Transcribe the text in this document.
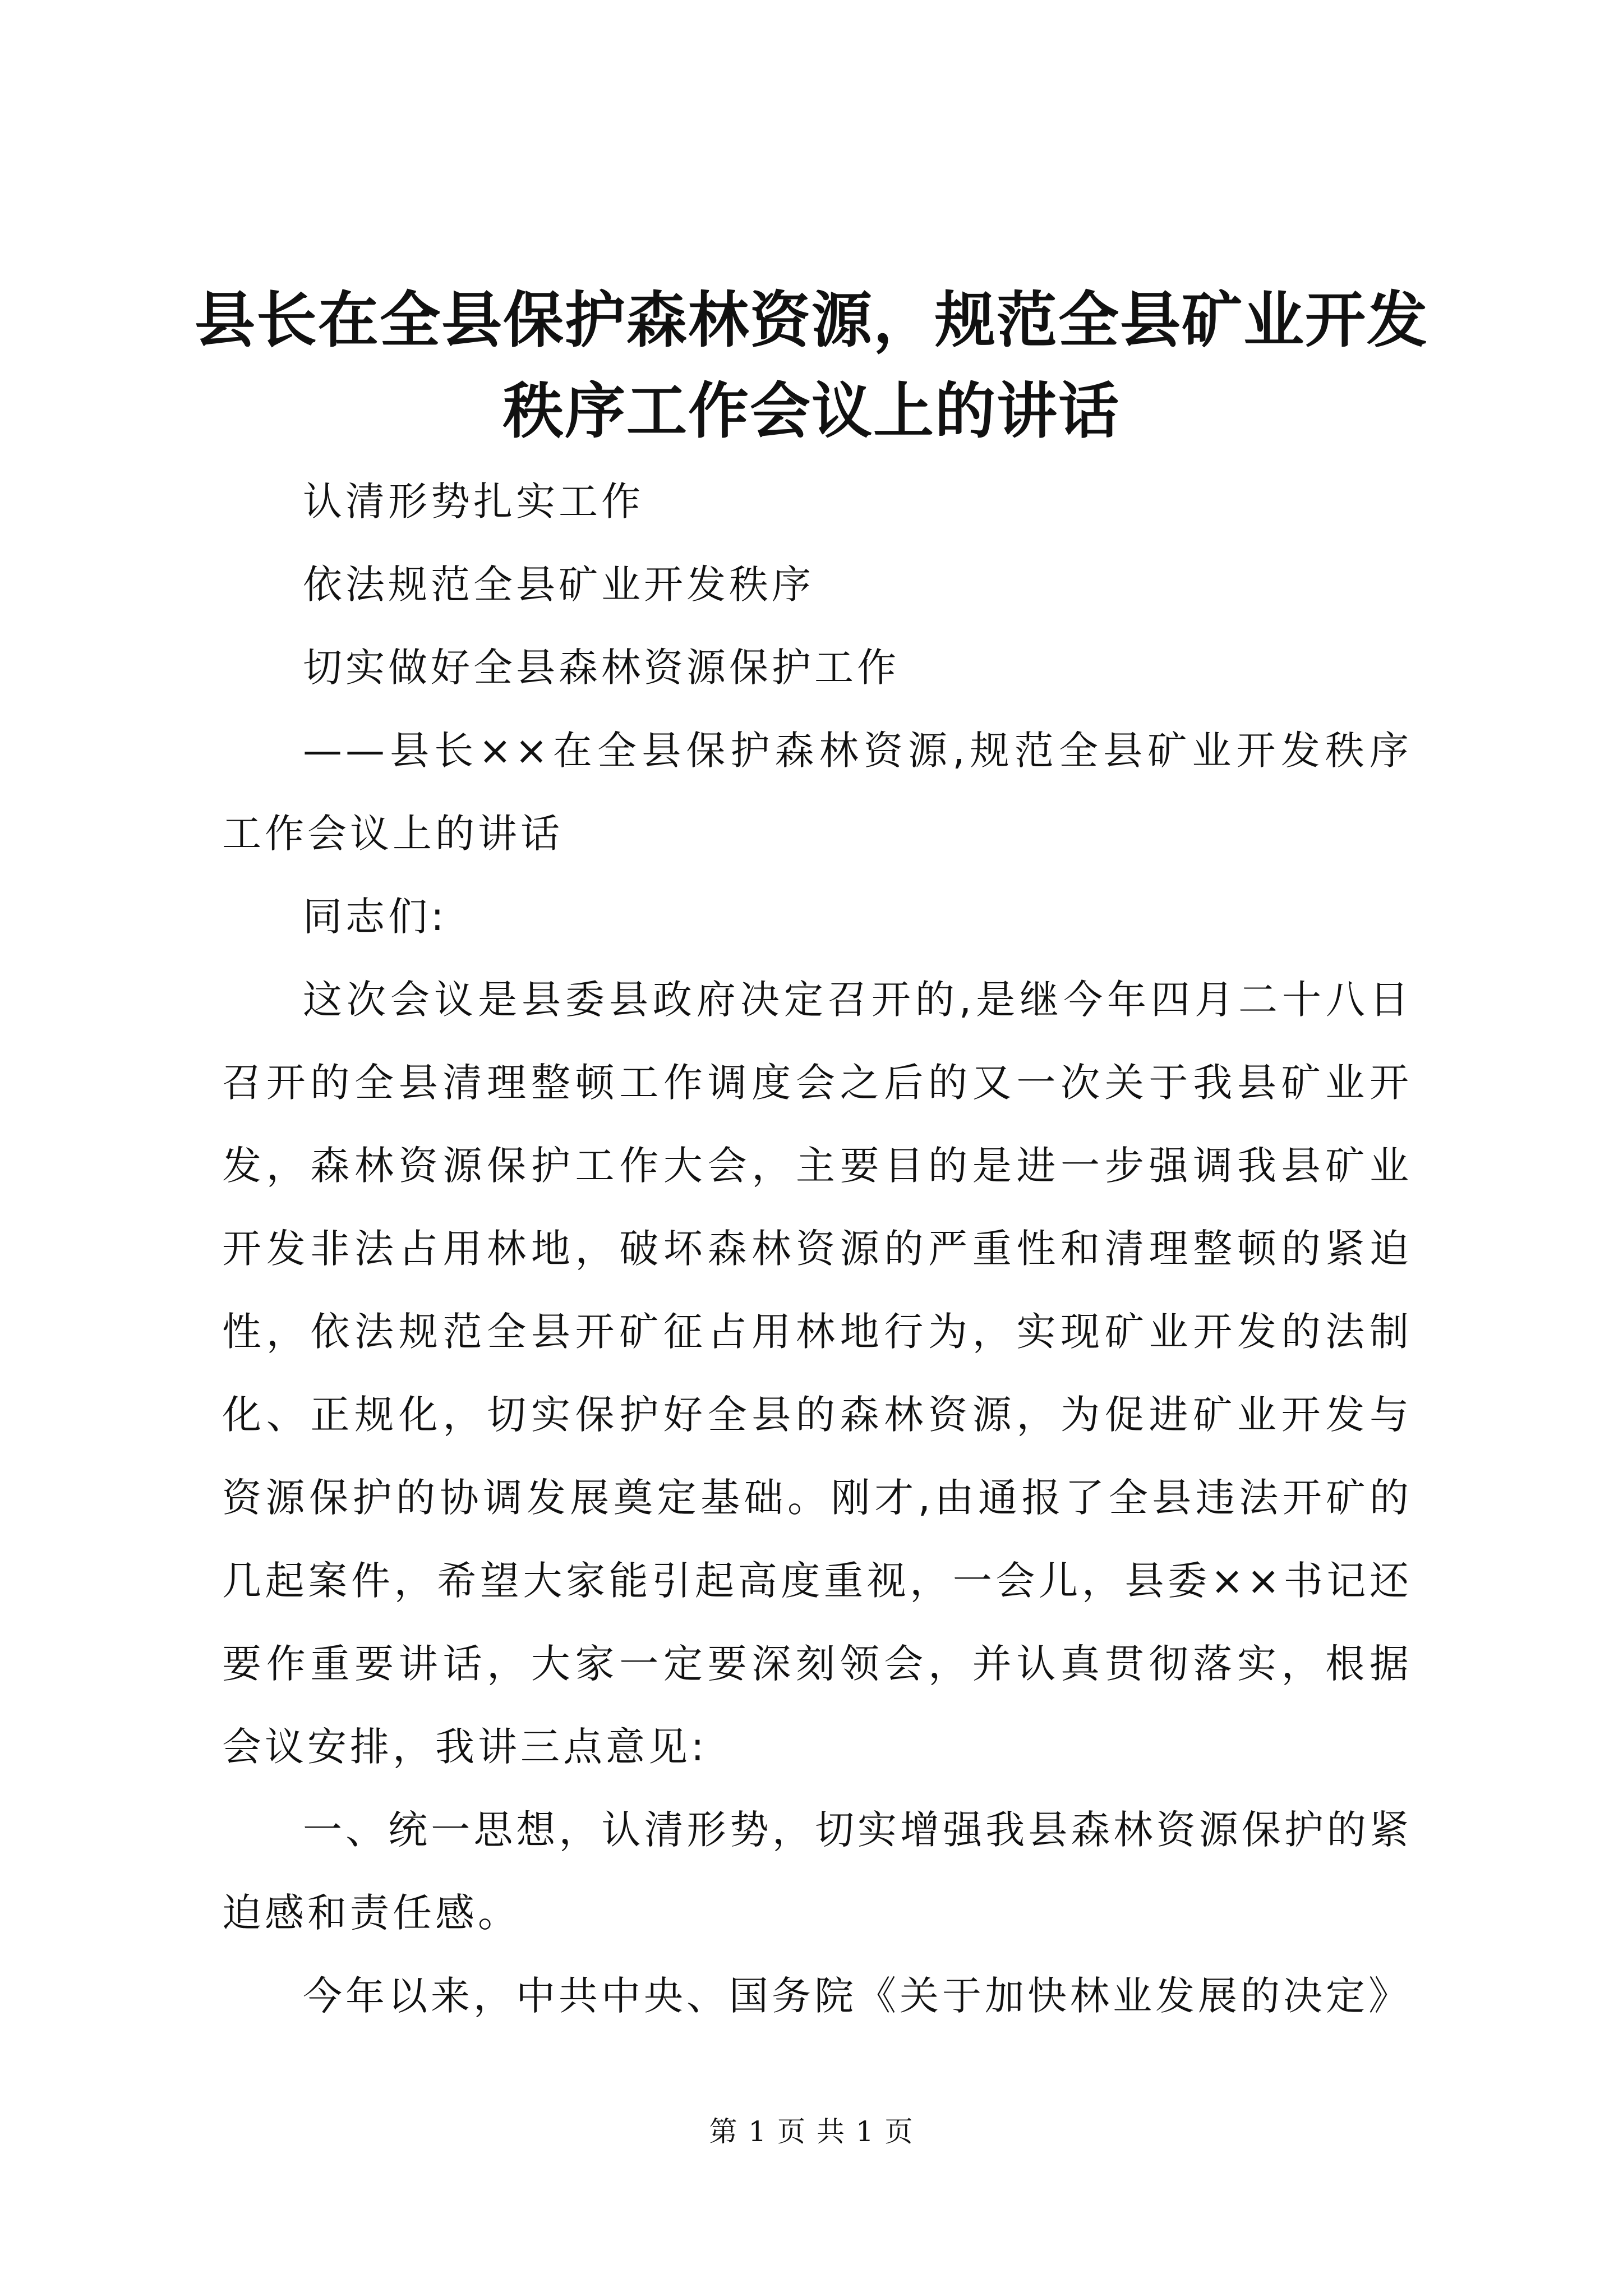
县长在全县保护森林资源，规范全县矿业开发
秩序工作会议上的讲话

认清形势扎实工作

依法规范全县矿业开发秩序

切实做好全县森林资源保护工作

——县长××在全县保护森林资源,规范全县矿业开发秩序工作会议上的讲话

同志们:

这次会议是县委县政府决定召开的,是继今年四月二十八日召开的全县清理整顿工作调度会之后的又一次关于我县矿业开发，森林资源保护工作大会，主要目的是进一步强调我县矿业开发非法占用林地，破坏森林资源的严重性和清理整顿的紧迫性，依法规范全县开矿征占用林地行为，实现矿业开发的法制化、正规化，切实保护好全县的森林资源，为促进矿业开发与资源保护的协调发展奠定基础。刚才,由通报了全县违法开矿的几起案件，希望大家能引起高度重视，一会儿，县委××书记还要作重要讲话，大家一定要深刻领会，并认真贯彻落实，根据会议安排，我讲三点意见:

一、统一思想，认清形势，切实增强我县森林资源保护的紧迫感和责任感。

今年以来，中共中央、国务院《关于加快林业发展的决定》

第 1 页 共 1 页
